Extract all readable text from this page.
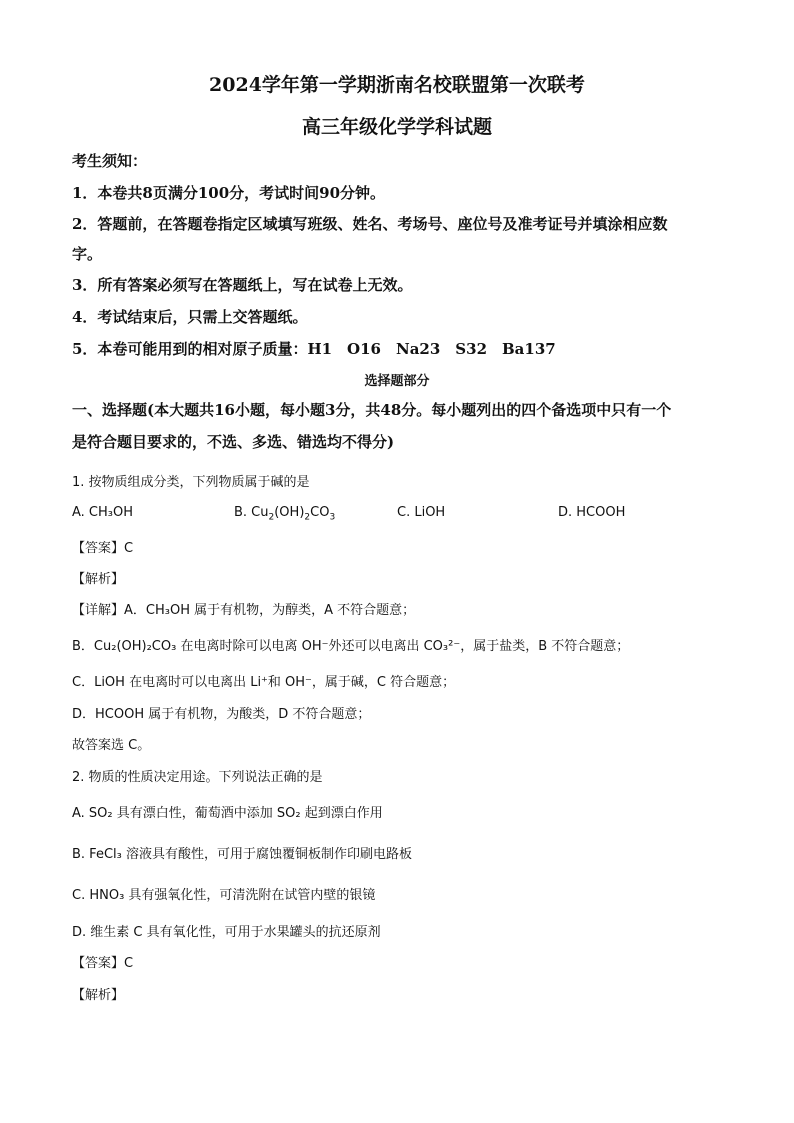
2024学年第一学期浙南名校联盟第一次联考
高三年级化学学科试题
考生须知：
1．本卷共8页满分100分，考试时间90分钟。
2．答题前，在答题卷指定区域填写班级、姓名、考场号、座位号及准考证号并填涂相应数
字。
3．所有答案必须写在答题纸上，写在试卷上无效。
4．考试结束后，只需上交答题纸。
5．本卷可能用到的相对原子质量：H1　O16　Na23　S32　Ba137
选择题部分
一、选择题(本大题共16小题，每小题3分，共48分。每小题列出的四个备选项中只有一个
是符合题目要求的，不选、多选、错选均不得分)
1. 按物质组成分类，下列物质属于碱的是
A. CH₃OH	B. $Cu_2(OH)_2CO_3$	C. LiOH	D. HCOOH
【答案】C
【解析】
【详解】A．CH₃OH 属于有机物，为醇类，A 不符合题意；
B．Cu₂(OH)₂CO₃ 在电离时除可以电离 OH⁻外还可以电离出 CO₃²⁻，属于盐类，B 不符合题意；
C．LiOH 在电离时可以电离出 Li⁺和 OH⁻，属于碱，C 符合题意；
D．HCOOH 属于有机物，为酸类，D 不符合题意；
故答案选 C。
2. 物质的性质决定用途。下列说法正确的是
A. SO₂ 具有漂白性，葡萄酒中添加 SO₂ 起到漂白作用
B. FeCl₃ 溶液具有酸性，可用于腐蚀覆铜板制作印刷电路板
C. HNO₃ 具有强氧化性，可清洗附在试管内壁的银镜
D. 维生素 C 具有氧化性，可用于水果罐头的抗还原剂
【答案】C
【解析】
